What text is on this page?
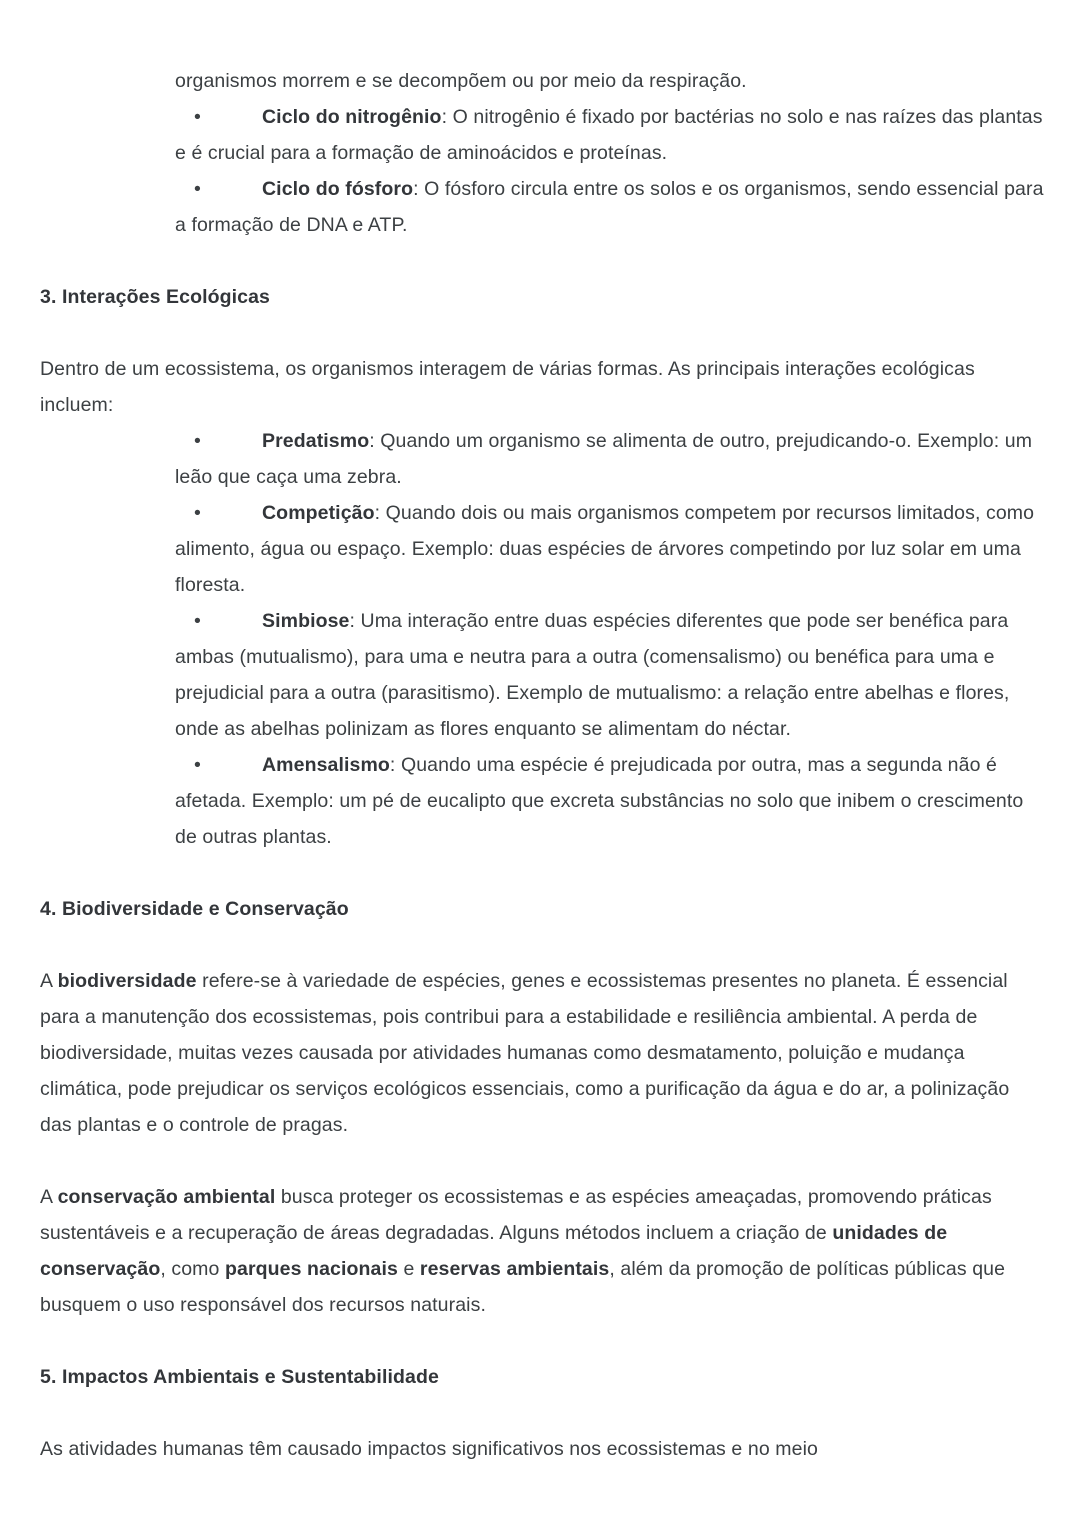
organismos morrem e se decompõem ou por meio da respiração.

•	Ciclo do nitrogênio: O nitrogênio é fixado por bactérias no solo e nas raízes das plantas e é crucial para a formação de aminoácidos e proteínas.

•	Ciclo do fósforo: O fósforo circula entre os solos e os organismos, sendo essencial para a formação de DNA e ATP.

3. Interações Ecológicas

Dentro de um ecossistema, os organismos interagem de várias formas. As principais interações ecológicas incluem:

•	Predatismo: Quando um organismo se alimenta de outro, prejudicando-o. Exemplo: um leão que caça uma zebra.

•	Competição: Quando dois ou mais organismos competem por recursos limitados, como alimento, água ou espaço. Exemplo: duas espécies de árvores competindo por luz solar em uma floresta.

•	Simbiose: Uma interação entre duas espécies diferentes que pode ser benéfica para ambas (mutualismo), para uma e neutra para a outra (comensalismo) ou benéfica para uma e prejudicial para a outra (parasitismo). Exemplo de mutualismo: a relação entre abelhas e flores, onde as abelhas polinizam as flores enquanto se alimentam do néctar.

•	Amensalismo: Quando uma espécie é prejudicada por outra, mas a segunda não é afetada. Exemplo: um pé de eucalipto que excreta substâncias no solo que inibem o crescimento de outras plantas.

4. Biodiversidade e Conservação

A biodiversidade refere-se à variedade de espécies, genes e ecossistemas presentes no planeta. É essencial para a manutenção dos ecossistemas, pois contribui para a estabilidade e resiliência ambiental. A perda de biodiversidade, muitas vezes causada por atividades humanas como desmatamento, poluição e mudança climática, pode prejudicar os serviços ecológicos essenciais, como a purificação da água e do ar, a polinização das plantas e o controle de pragas.

A conservação ambiental busca proteger os ecossistemas e as espécies ameaçadas, promovendo práticas sustentáveis e a recuperação de áreas degradadas. Alguns métodos incluem a criação de unidades de conservação, como parques nacionais e reservas ambientais, além da promoção de políticas públicas que busquem o uso responsável dos recursos naturais.

5. Impactos Ambientais e Sustentabilidade

As atividades humanas têm causado impactos significativos nos ecossistemas e no meio
